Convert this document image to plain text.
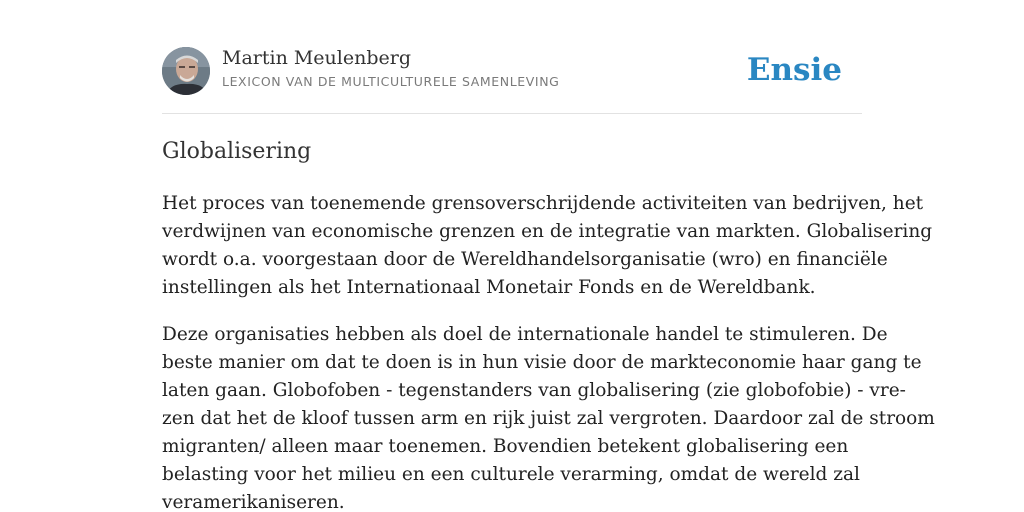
Martin Meulenberg
LEXICON VAN DE MULTICULTURELE SAMENLEVING	Ensie
Globalisering

Het proces van toenemende grensoverschrijdende activiteiten van bedrijven, het
verdwijnen van economische grenzen en de integratie van markten. Globalisering
wordt o.a. voorgestaan door de Wereldhandelsorganisatie (wro) en financiële
instellingen als het Internationaal Monetair Fonds en de Wereldbank.

Deze organisaties hebben als doel de internationale handel te stimuleren. De
beste manier om dat te doen is in hun visie door de markteconomie haar gang te
laten gaan. Globofoben - tegenstanders van globalisering (zie globofobie) - vre-
zen dat het de kloof tussen arm en rijk juist zal vergroten. Daardoor zal de stroom
migranten/ alleen maar toenemen. Bovendien betekent globalisering een
belasting voor het milieu en een culturele verarming, omdat de wereld zal
veramerikaniseren.
